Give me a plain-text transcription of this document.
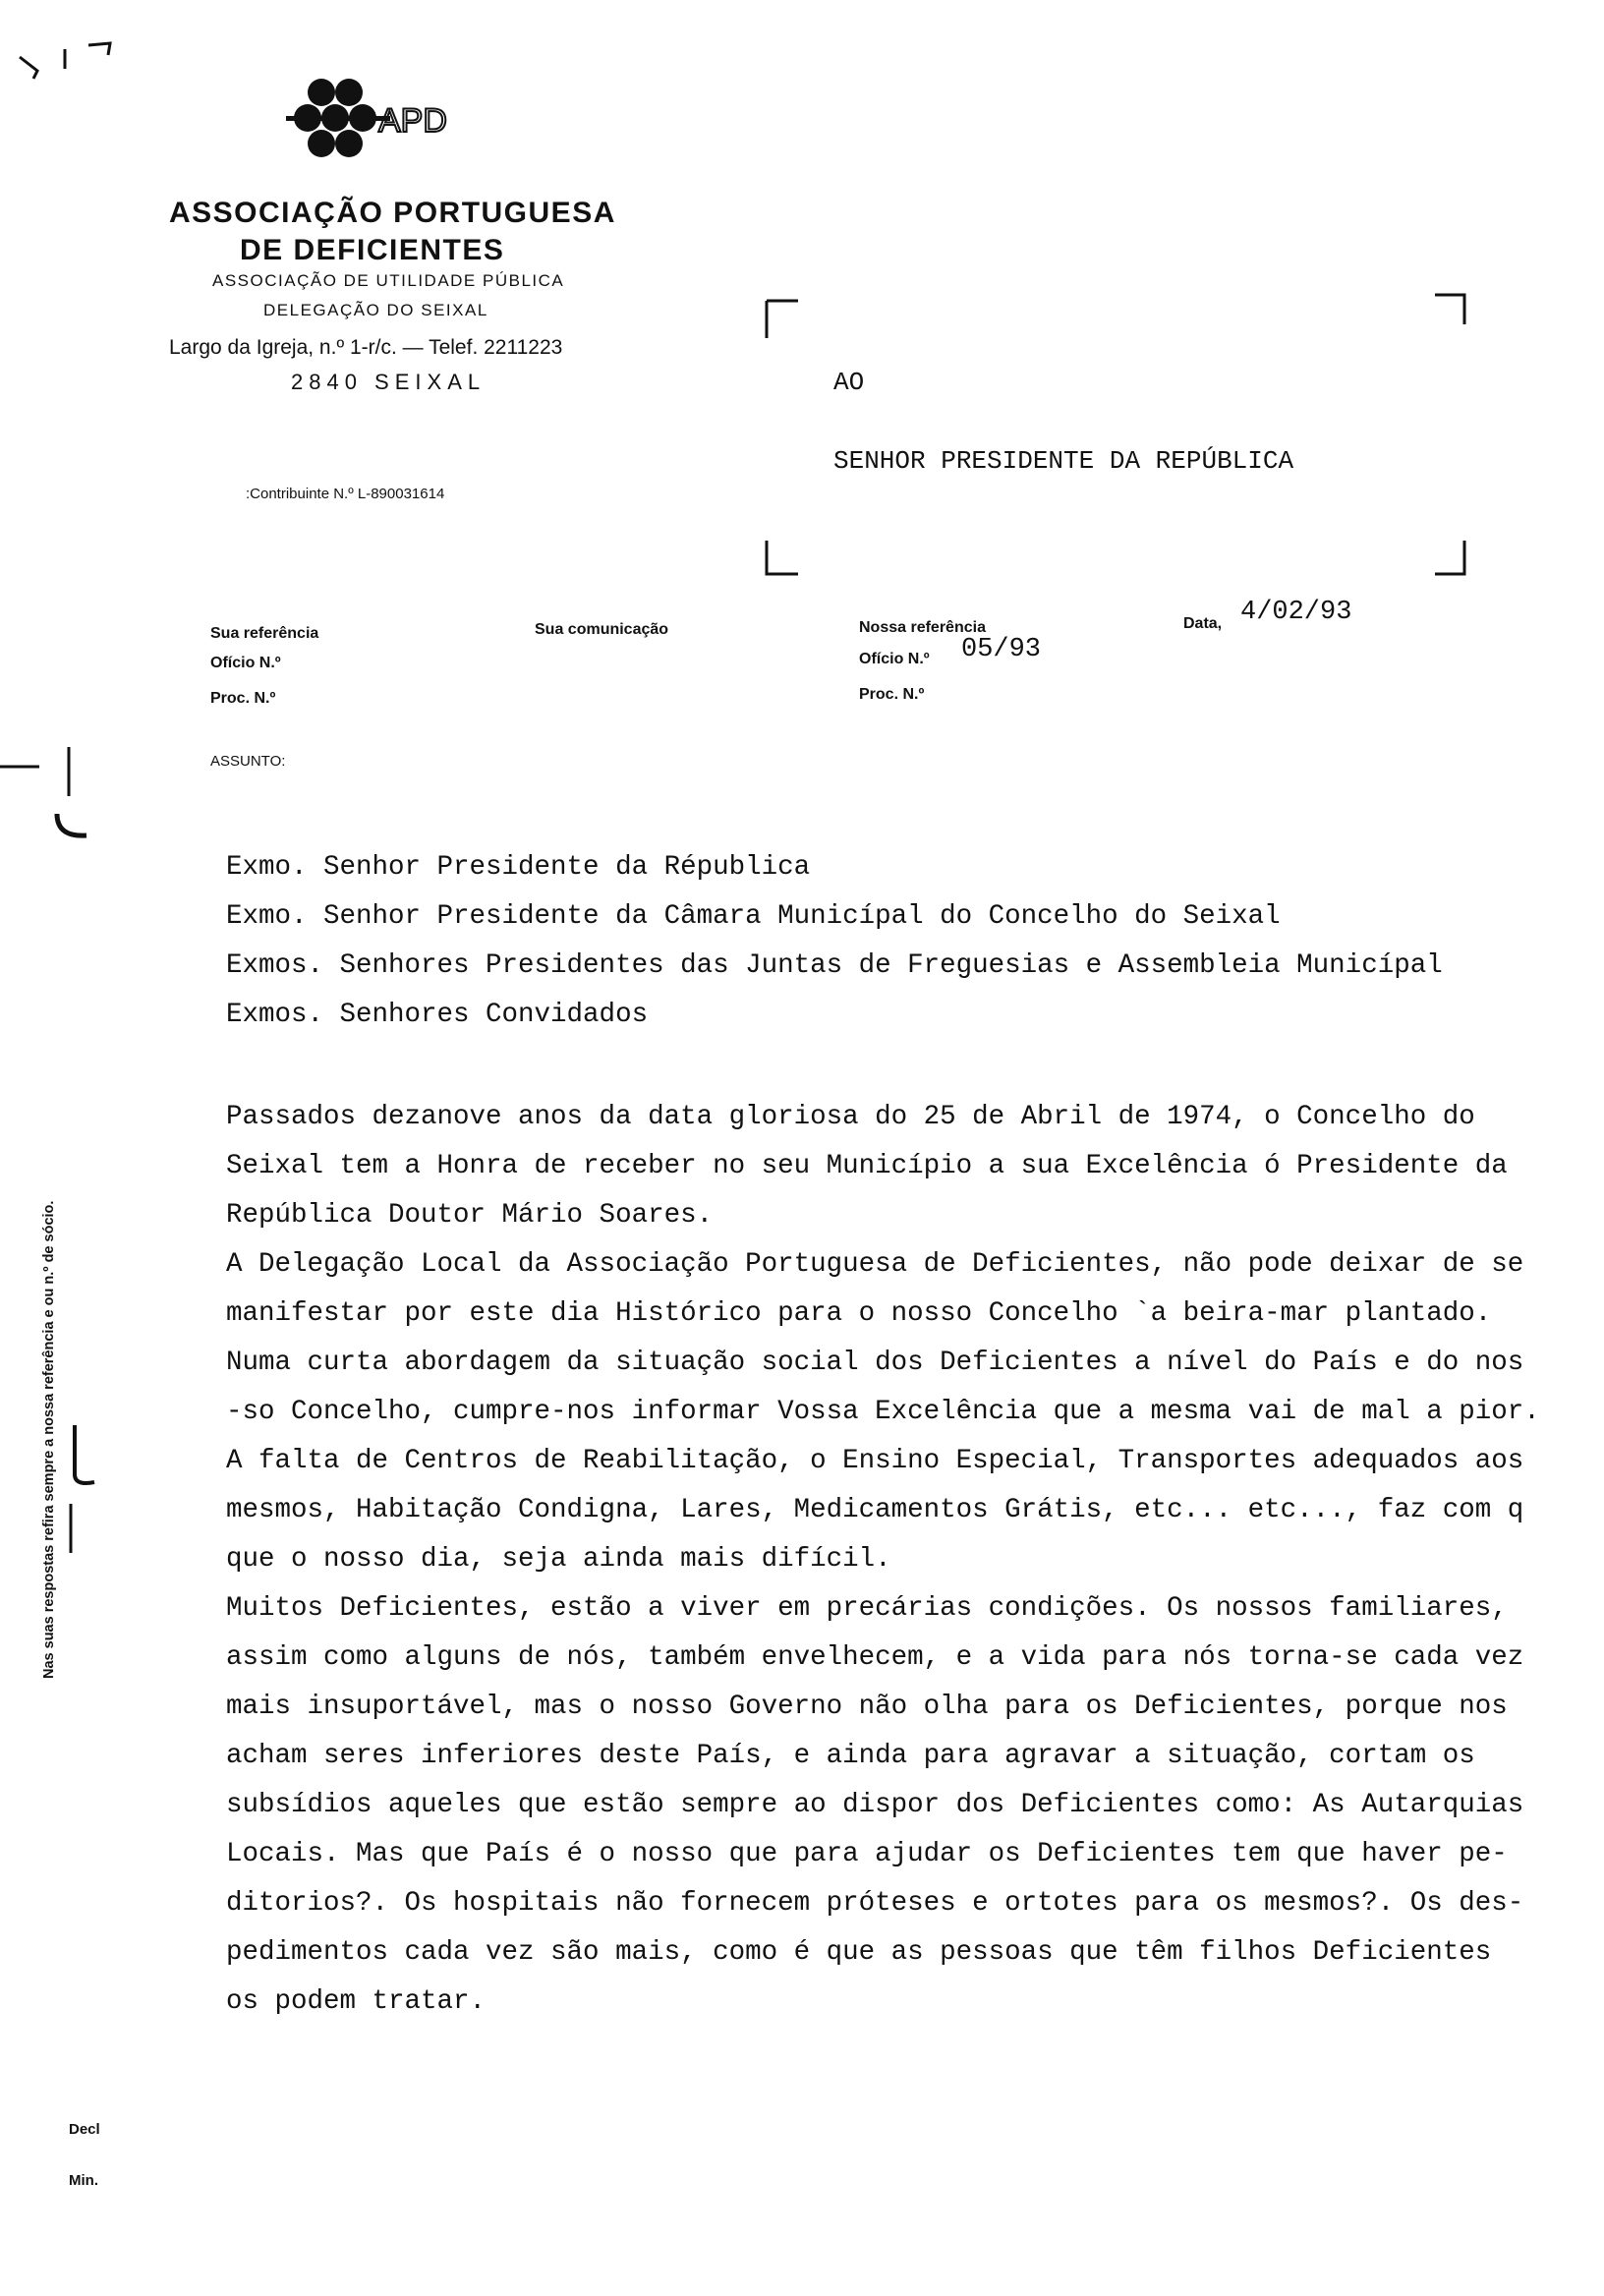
APD
ASSOCIAÇÃO PORTUGUESA
DE DEFICIENTES
ASSOCIAÇÃO DE UTILIDADE PÚBLICA
DELEGAÇÃO DO SEIXAL
Largo da Igreja, n.º 1-r/c. — Telef. 2211223
2840 SEIXAL
:Contribuinte N.º L-890031614
AO
SENHOR PRESIDENTE DA REPÚBLICA
Sua referência
Ofício N.º
Proc. N.º
Sua comunicação	Nossa referência
Ofício N.º 05/93
Proc. N.º
Data, 4/02/93
ASSUNTO:
Exmo. Senhor Presidente da Républica
Exmo. Senhor Presidente da Câmara Municípal do Concelho do Seixal
Exmos. Senhores Presidentes das Juntas de Freguesias e Assembleia Municípal
Exmos. Senhores Convidados
Passados dezanove anos da data gloriosa do 25 de Abril de 1974, o Concelho do
Seixal tem a Honra de receber no seu Município a sua Excelência ó Presidente da
República Doutor Mário Soares.
A Delegação Local da Associação Portuguesa de Deficientes, não pode deixar de se
manifestar por este dia Histórico para o nosso Concelho `a beira-mar plantado.
Numa curta abordagem da situação social dos Deficientes a nível do País e do nos
-so Concelho, cumpre-nos informar Vossa Excelência que a mesma vai de mal a pior.
A falta de Centros de Reabilitação, o Ensino Especial, Transportes adequados aos
mesmos, Habitação Condigna, Lares, Medicamentos Grátis, etc... etc..., faz com q
que o nosso dia, seja ainda mais difícil.
Muitos Deficientes, estão a viver em precárias condições. Os nossos familiares,
assim como alguns de nós, também envelhecem, e a vida para nós torna-se cada vez
mais insuportável, mas o nosso Governo não olha para os Deficientes, porque nos
acham seres inferiores deste País, e ainda para agravar a situação, cortam os
subsídios aqueles que estão sempre ao dispor dos Deficientes como: As Autarquias
Locais. Mas que País é o nosso que para ajudar os Deficientes tem que haver pe-
ditorios?. Os hospitais não fornecem próteses e ortotes para os mesmos?. Os des-
pedimentos cada vez são mais, como é que as pessoas que têm filhos Deficientes
os podem tratar.
Nas suas respostas refira sempre a nossa referência e ou n.º de sócio.
Decl
Min.
